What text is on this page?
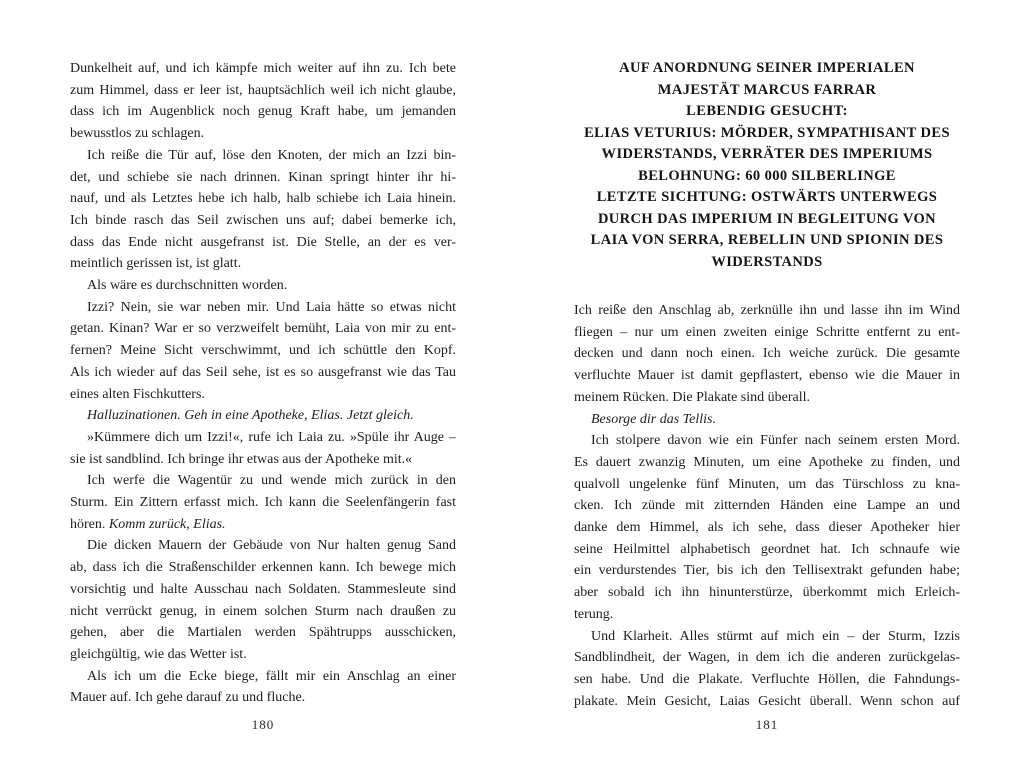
Dunkelheit auf, und ich kämpfe mich weiter auf ihn zu. Ich bete
zum Himmel, dass er leer ist, hauptsächlich weil ich nicht glaube,
dass ich im Augenblick noch genug Kraft habe, um jemanden
bewusstlos zu schlagen.
Ich reiße die Tür auf, löse den Knoten, der mich an Izzi bin-
det, und schiebe sie nach drinnen. Kinan springt hinter ihr hi-
nauf, und als Letztes hebe ich halb, halb schiebe ich Laia hinein.
Ich binde rasch das Seil zwischen uns auf; dabei bemerke ich,
dass das Ende nicht ausgefranst ist. Die Stelle, an der es ver-
meintlich gerissen ist, ist glatt.
Als wäre es durchschnitten worden.
Izzi? Nein, sie war neben mir. Und Laia hätte so etwas nicht
getan. Kinan? War er so verzweifelt bemüht, Laia von mir zu ent-
fernen? Meine Sicht verschwimmt, und ich schüttle den Kopf.
Als ich wieder auf das Seil sehe, ist es so ausgefranst wie das Tau
eines alten Fischkutters.
Halluzinationen. Geh in eine Apotheke, Elias. Jetzt gleich.
»Kümmere dich um Izzi!«, rufe ich Laia zu. »Spüle ihr Auge –
sie ist sandblind. Ich bringe ihr etwas aus der Apotheke mit.«
Ich werfe die Wagentür zu und wende mich zurück in den
Sturm. Ein Zittern erfasst mich. Ich kann die Seelenfängerin fast
hören. Komm zurück, Elias.
Die dicken Mauern der Gebäude von Nur halten genug Sand
ab, dass ich die Straßenschilder erkennen kann. Ich bewege mich
vorsichtig und halte Ausschau nach Soldaten. Stammesleute sind
nicht verrückt genug, in einem solchen Sturm nach draußen zu
gehen, aber die Martialen werden Spähtrupps ausschicken,
gleichgültig, wie das Wetter ist.
Als ich um die Ecke biege, fällt mir ein Anschlag an einer
Mauer auf. Ich gehe darauf zu und fluche.
180
AUF ANORDNUNG SEINER IMPERIALEN
MAJESTÄT MARCUS FARRAR
LEBENDIG GESUCHT:
ELIAS VETURIUS: MÖRDER, SYMPATHISANT DES
WIDERSTANDS, VERRÄTER DES IMPERIUMS
BELOHNUNG: 60 000 SILBERLINGE
LETZTE SICHTUNG: OSTWÄRTS UNTERWEGS
DURCH DAS IMPERIUM IN BEGLEITUNG VON
LAIA VON SERRA, REBELLIN UND SPIONIN DES
WIDERSTANDS
Ich reiße den Anschlag ab, zerknülle ihn und lasse ihn im Wind
fliegen – nur um einen zweiten einige Schritte entfernt zu ent-
decken und dann noch einen. Ich weiche zurück. Die gesamte
verfluchte Mauer ist damit gepflastert, ebenso wie die Mauer in
meinem Rücken. Die Plakate sind überall.
Besorge dir das Tellis.
Ich stolpere davon wie ein Fünfer nach seinem ersten Mord.
Es dauert zwanzig Minuten, um eine Apotheke zu finden, und
qualvoll ungelenke fünf Minuten, um das Türschloss zu kna-
cken. Ich zünde mit zitternden Händen eine Lampe an und
danke dem Himmel, als ich sehe, dass dieser Apotheker hier
seine Heilmittel alphabetisch geordnet hat. Ich schnaufe wie
ein verdurstendes Tier, bis ich den Tellisextrakt gefunden habe;
aber sobald ich ihn hinunterstürze, überkommt mich Erleich-
terung.
Und Klarheit. Alles stürmt auf mich ein – der Sturm, Izzis
Sandblindheit, der Wagen, in dem ich die anderen zurückgelas-
sen habe. Und die Plakate. Verfluchte Höllen, die Fahndungs-
plakate. Mein Gesicht, Laias Gesicht überall. Wenn schon auf
181
